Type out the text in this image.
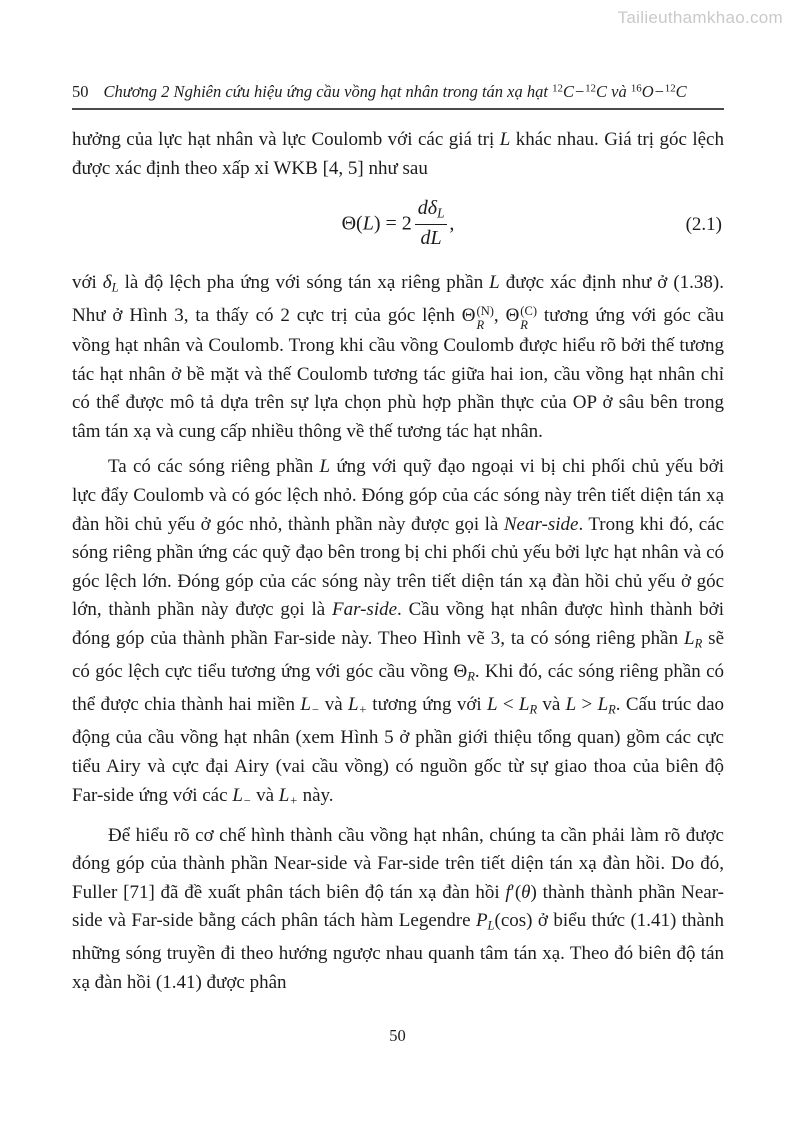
Tailieuthamkhao.com
50 Chương 2 Nghiên cứu hiệu ứng cầu vồng hạt nhân trong tán xạ hạt $^{12}$C−$^{12}$C và $^{16}$O−$^{12}$C

hưởng của lực hạt nhân và lực Coulomb với các giá trị L khác nhau. Giá trị góc lệch được xác định theo xấp xỉ WKB [4, 5] như sau

$\Theta(L) = 2 \frac{\text{dδL}}{dL}$ ,	(2.1)

với δL là độ lệch pha ứng với sóng tán xạ riêng phần L được xác định như ở (1.38). Như ở Hình 3, ta thấy có 2 cực trị của góc lệnh Θ (N)
R , Θ (C)
R tương ứng với góc cầu vồng hạt nhân và Coulomb. Trong khi cầu vồng Coulomb được hiểu rõ bởi thế tương tác hạt nhân ở bề mặt và thế Coulomb tương tác giữa hai ion, cầu vồng hạt nhân chỉ có thể được mô tả dựa trên sự lựa chọn phù hợp phần thực của OP ở sâu bên trong tâm tán xạ và cung cấp nhiều thông về thế tương tác hạt nhân.

Ta có các sóng riêng phần L ứng với quỹ đạo ngoại vi bị chi phối chủ yếu bởi lực đẩy Coulomb và có góc lệch nhỏ. Đóng góp của các sóng này trên tiết diện tán xạ đàn hồi chủ yếu ở góc nhỏ, thành phần này được gọi là Near-side. Trong khi đó, các sóng riêng phần ứng các quỹ đạo bên trong bị chi phối chủ yếu bởi lực hạt nhân và có góc lệch lớn. Đóng góp của các sóng này trên tiết diện tán xạ đàn hồi chủ yếu ở góc lớn, thành phần này được gọi là Far-side. Cầu vồng hạt nhân được hình thành bởi đóng góp của thành phần Far-side này. Theo Hình vẽ 3, ta có sóng riêng phần LR sẽ có góc lệch cực tiểu tương ứng với góc cầu vồng ΘR. Khi đó, các sóng riêng phần có thể được chia thành hai miền L− và L+ tương ứng với L < LR và L > LR. Cấu trúc dao động của cầu vồng hạt nhân (xem Hình 5 ở phần giới thiệu tổng quan) gồm các cực tiểu Airy và cực đại Airy (vai cầu vồng) có nguồn gốc từ sự giao thoa của biên độ Far-side ứng với các L− và L+ này.

Để hiểu rõ cơ chế hình thành cầu vồng hạt nhân, chúng ta cần phải làm rõ được đóng góp của thành phần Near-side và Far-side trên tiết diện tán xạ đàn hồi. Do đó, Fuller [71] đã đề xuất phân tách biên độ tán xạ đàn hồi f′(θ) thành thành phần Near-side và Far-side bằng cách phân tách hàm Legendre PL(cos) ở biểu thức (1.41) thành những sóng truyền đi theo hướng ngược nhau quanh tâm tán xạ. Theo đó biên độ tán xạ đàn hồi (1.41) được phân

50
